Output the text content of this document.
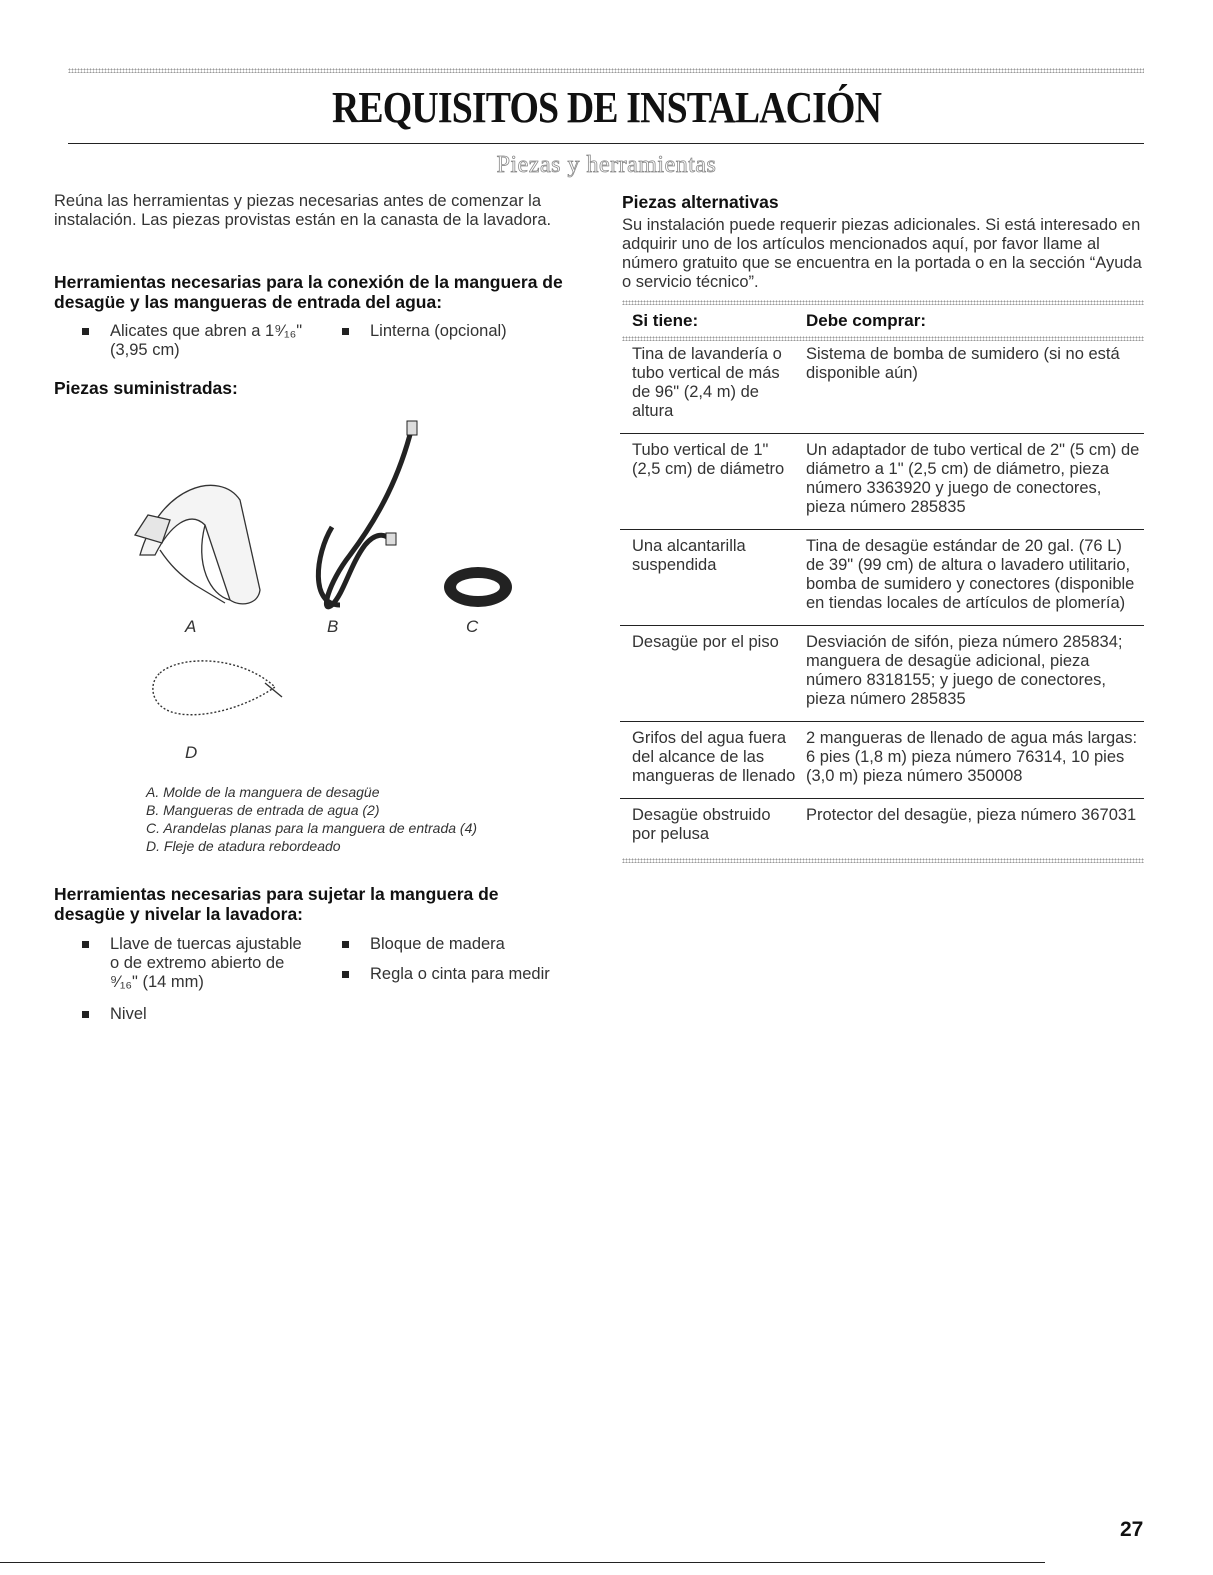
REQUISITOS DE INSTALACIÓN
Piezas y herramientas
Reúna las herramientas y piezas necesarias antes de comenzar la instalación. Las piezas provistas están en la canasta de la lavadora.
Herramientas necesarias para la conexión de la manguera de desagüe y las mangueras de entrada del agua:
Alicates que abren a 1⁹⁄₁₆" (3,95 cm)
Linterna (opcional)
Piezas suministradas:
A	B	C
D
A. Molde de la manguera de desagüe
B. Mangueras de entrada de agua (2)
C. Arandelas planas para la manguera de entrada (4)
D. Fleje de atadura rebordeado
Herramientas necesarias para sujetar la manguera de desagüe y nivelar la lavadora:
Llave de tuercas ajustable o de extremo abierto de ⁹⁄₁₆" (14 mm)
Bloque de madera
Regla o cinta para medir
Nivel
Piezas alternativas
Su instalación puede requerir piezas adicionales. Si está interesado en adquirir uno de los artículos mencionados aquí, por favor llame al número gratuito que se encuentra en la portada o en la sección “Ayuda o servicio técnico”.
Si tiene:	Debe comprar:
Tina de lavandería o tubo vertical de más de 96" (2,4 m) de altura	Sistema de bomba de sumidero (si no está disponible aún)
Tubo vertical de 1" (2,5 cm) de diámetro	Un adaptador de tubo vertical de 2" (5 cm) de diámetro a 1" (2,5 cm) de diámetro, pieza número 3363920 y juego de conectores, pieza número 285835
Una alcantarilla suspendida	Tina de desagüe estándar de 20 gal. (76 L) de 39" (99 cm) de altura o lavadero utilitario, bomba de sumidero y conectores (disponible en tiendas locales de artículos de plomería)
Desagüe por el piso	Desviación de sifón, pieza número 285834; manguera de desagüe adicional, pieza número 8318155; y juego de conectores, pieza número 285835
Grifos del agua fuera del alcance de las mangueras de llenado	2 mangueras de llenado de agua más largas: 6 pies (1,8 m) pieza número 76314, 10 pies (3,0 m) pieza número 350008
Desagüe obstruido por pelusa	Protector del desagüe, pieza número 367031
27
